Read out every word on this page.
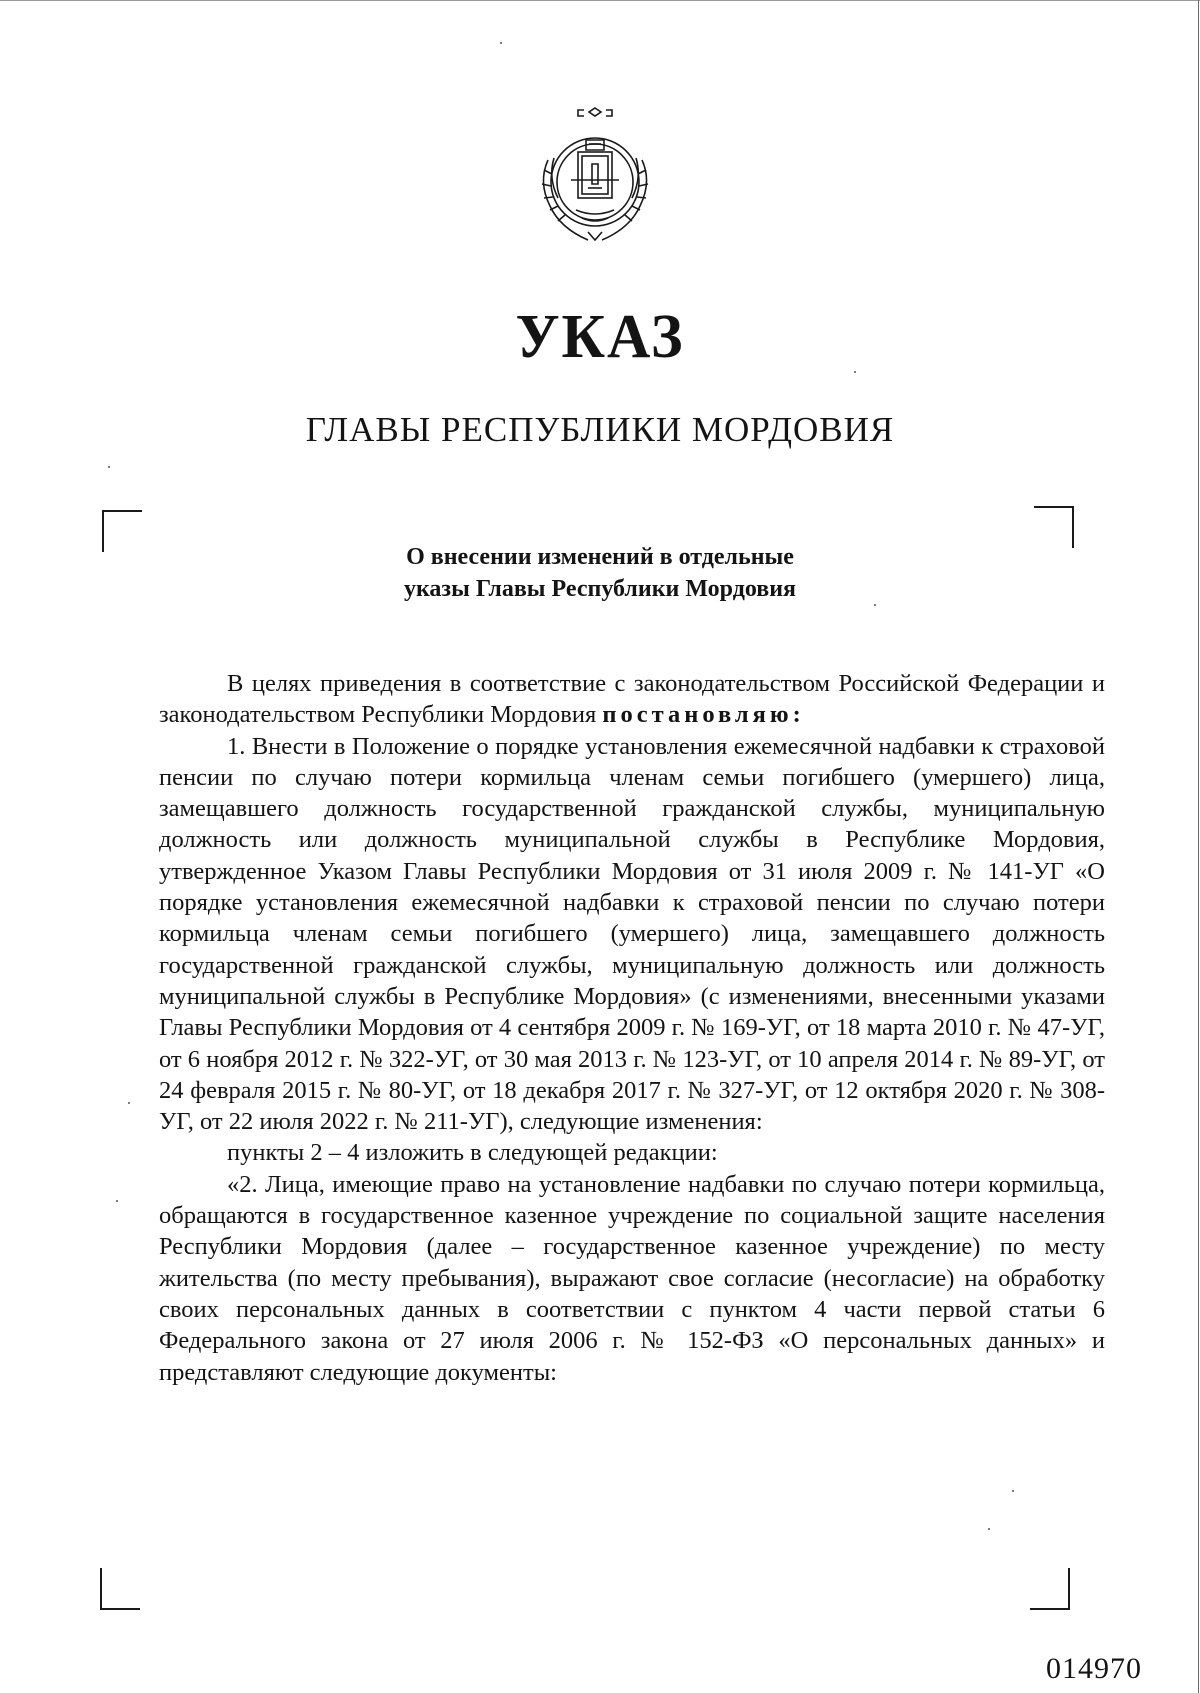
УКАЗ
ГЛАВЫ РЕСПУБЛИКИ МОРДОВИЯ
О внесении изменений в отдельные
указы Главы Республики Мордовия

В целях приведения в соответствие с законодательством Российской Федерации и законодательством Республики Мордовия постановляю:

1. Внести в Положение о порядке установления ежемесячной надбавки к страховой пенсии по случаю потери кормильца членам семьи погибшего (умершего) лица, замещавшего должность государственной гражданской службы, муниципальную должность или должность муниципальной службы в Республике Мордовия, утвержденное Указом Главы Республики Мордовия от 31 июля 2009 г. № 141-УГ «О порядке установления ежемесячной надбавки к страховой пенсии по случаю потери кормильца членам семьи погибшего (умершего) лица, замещавшего должность государственной гражданской службы, муниципальную должность или должность муниципальной службы в Республике Мордовия» (с изменениями, внесенными указами Главы Республики Мордовия от 4 сентября 2009 г. № 169-УГ, от 18 марта 2010 г. № 47-УГ, от 6 ноября 2012 г. № 322-УГ, от 30 мая 2013 г. № 123-УГ, от 10 апреля 2014 г. № 89-УГ, от 24 февраля 2015 г. № 80-УГ, от 18 декабря 2017 г. № 327-УГ, от 12 октября 2020 г. № 308-УГ, от 22 июля 2022 г. № 211-УГ), следующие изменения:

пункты 2 – 4 изложить в следующей редакции:

«2. Лица, имеющие право на установление надбавки по случаю потери кормильца, обращаются в государственное казенное учреждение по социальной защите населения Республики Мордовия (далее – государственное казенное учреждение) по месту жительства (по месту пребывания), выражают свое согласие (несогласие) на обработку своих персональных данных в соответствии с пунктом 4 части первой статьи 6 Федерального закона от 27 июля 2006 г. № 152-ФЗ «О персональных данных» и представляют следующие документы:

014970
